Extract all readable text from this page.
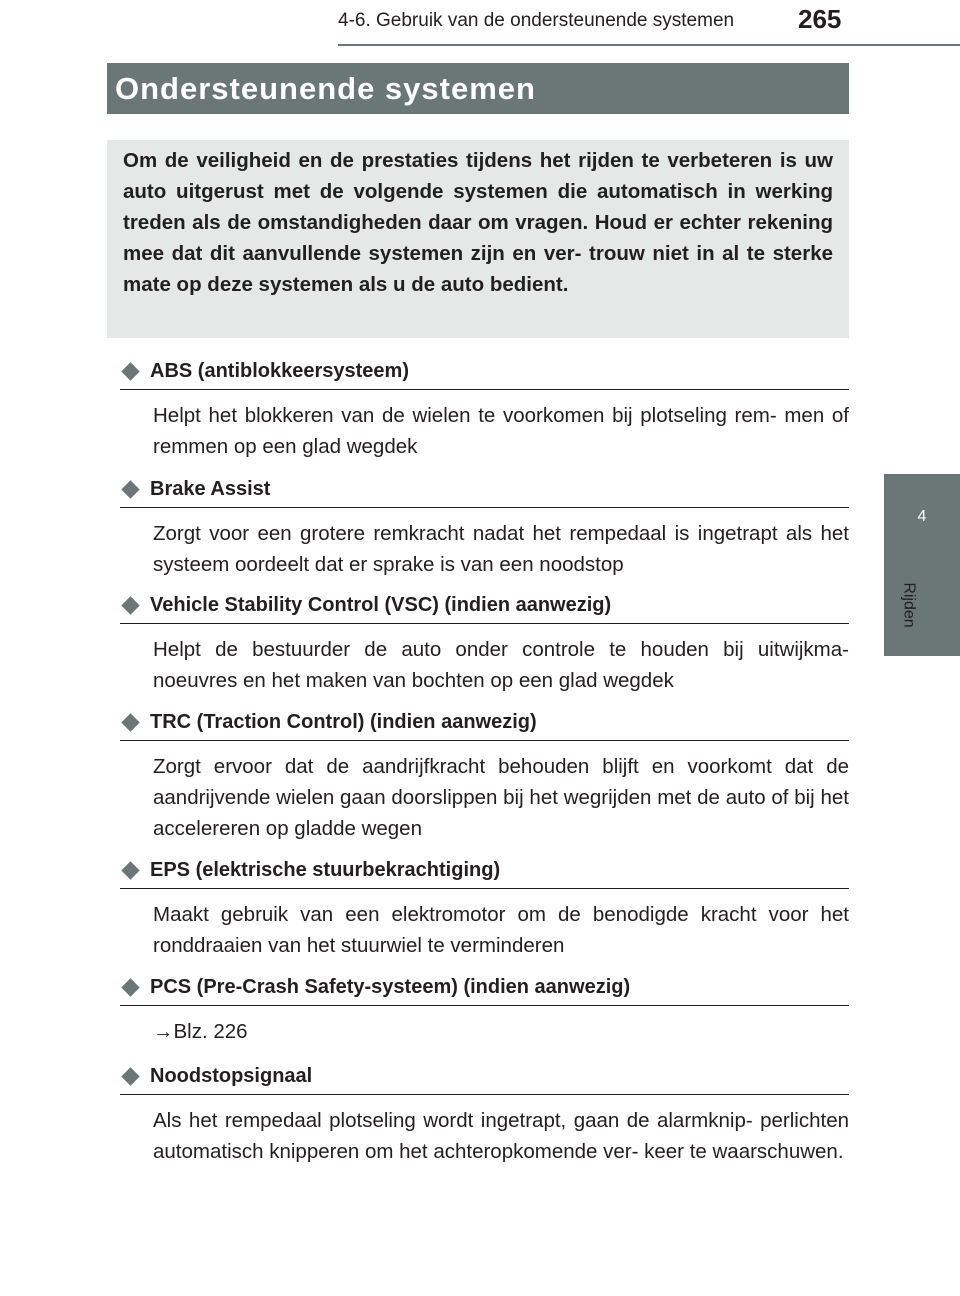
4-6. Gebruik van de ondersteunende systemen	265
4
Rijden
Ondersteunende systemen

Om de veiligheid en de prestaties tijdens het rijden te verbeteren is uw auto uitgerust met de volgende systemen die automatisch in werking treden als de omstandigheden daar om vragen. Houd er echter rekening mee dat dit aanvullende systemen zijn en ver- trouw niet in al te sterke mate op deze systemen als u de auto bedient.

ABS (antiblokkeersysteem)

Helpt het blokkeren van de wielen te voorkomen bij plotseling rem- men of remmen op een glad wegdek

Brake Assist

Zorgt voor een grotere remkracht nadat het rempedaal is ingetrapt als het systeem oordeelt dat er sprake is van een noodstop

Vehicle Stability Control (VSC) (indien aanwezig)

Helpt de bestuurder de auto onder controle te houden bij uitwijkma- noeuvres en het maken van bochten op een glad wegdek

TRC (Traction Control) (indien aanwezig)

Zorgt ervoor dat de aandrijfkracht behouden blijft en voorkomt dat de aandrijvende wielen gaan doorslippen bij het wegrijden met de auto of bij het accelereren op gladde wegen

EPS (elektrische stuurbekrachtiging)

Maakt gebruik van een elektromotor om de benodigde kracht voor het ronddraaien van het stuurwiel te verminderen

PCS (Pre-Crash Safety-systeem) (indien aanwezig)

→Blz. 226

Noodstopsignaal

Als het rempedaal plotseling wordt ingetrapt, gaan de alarmknip- perlichten automatisch knipperen om het achteropkomende ver- keer te waarschuwen.
